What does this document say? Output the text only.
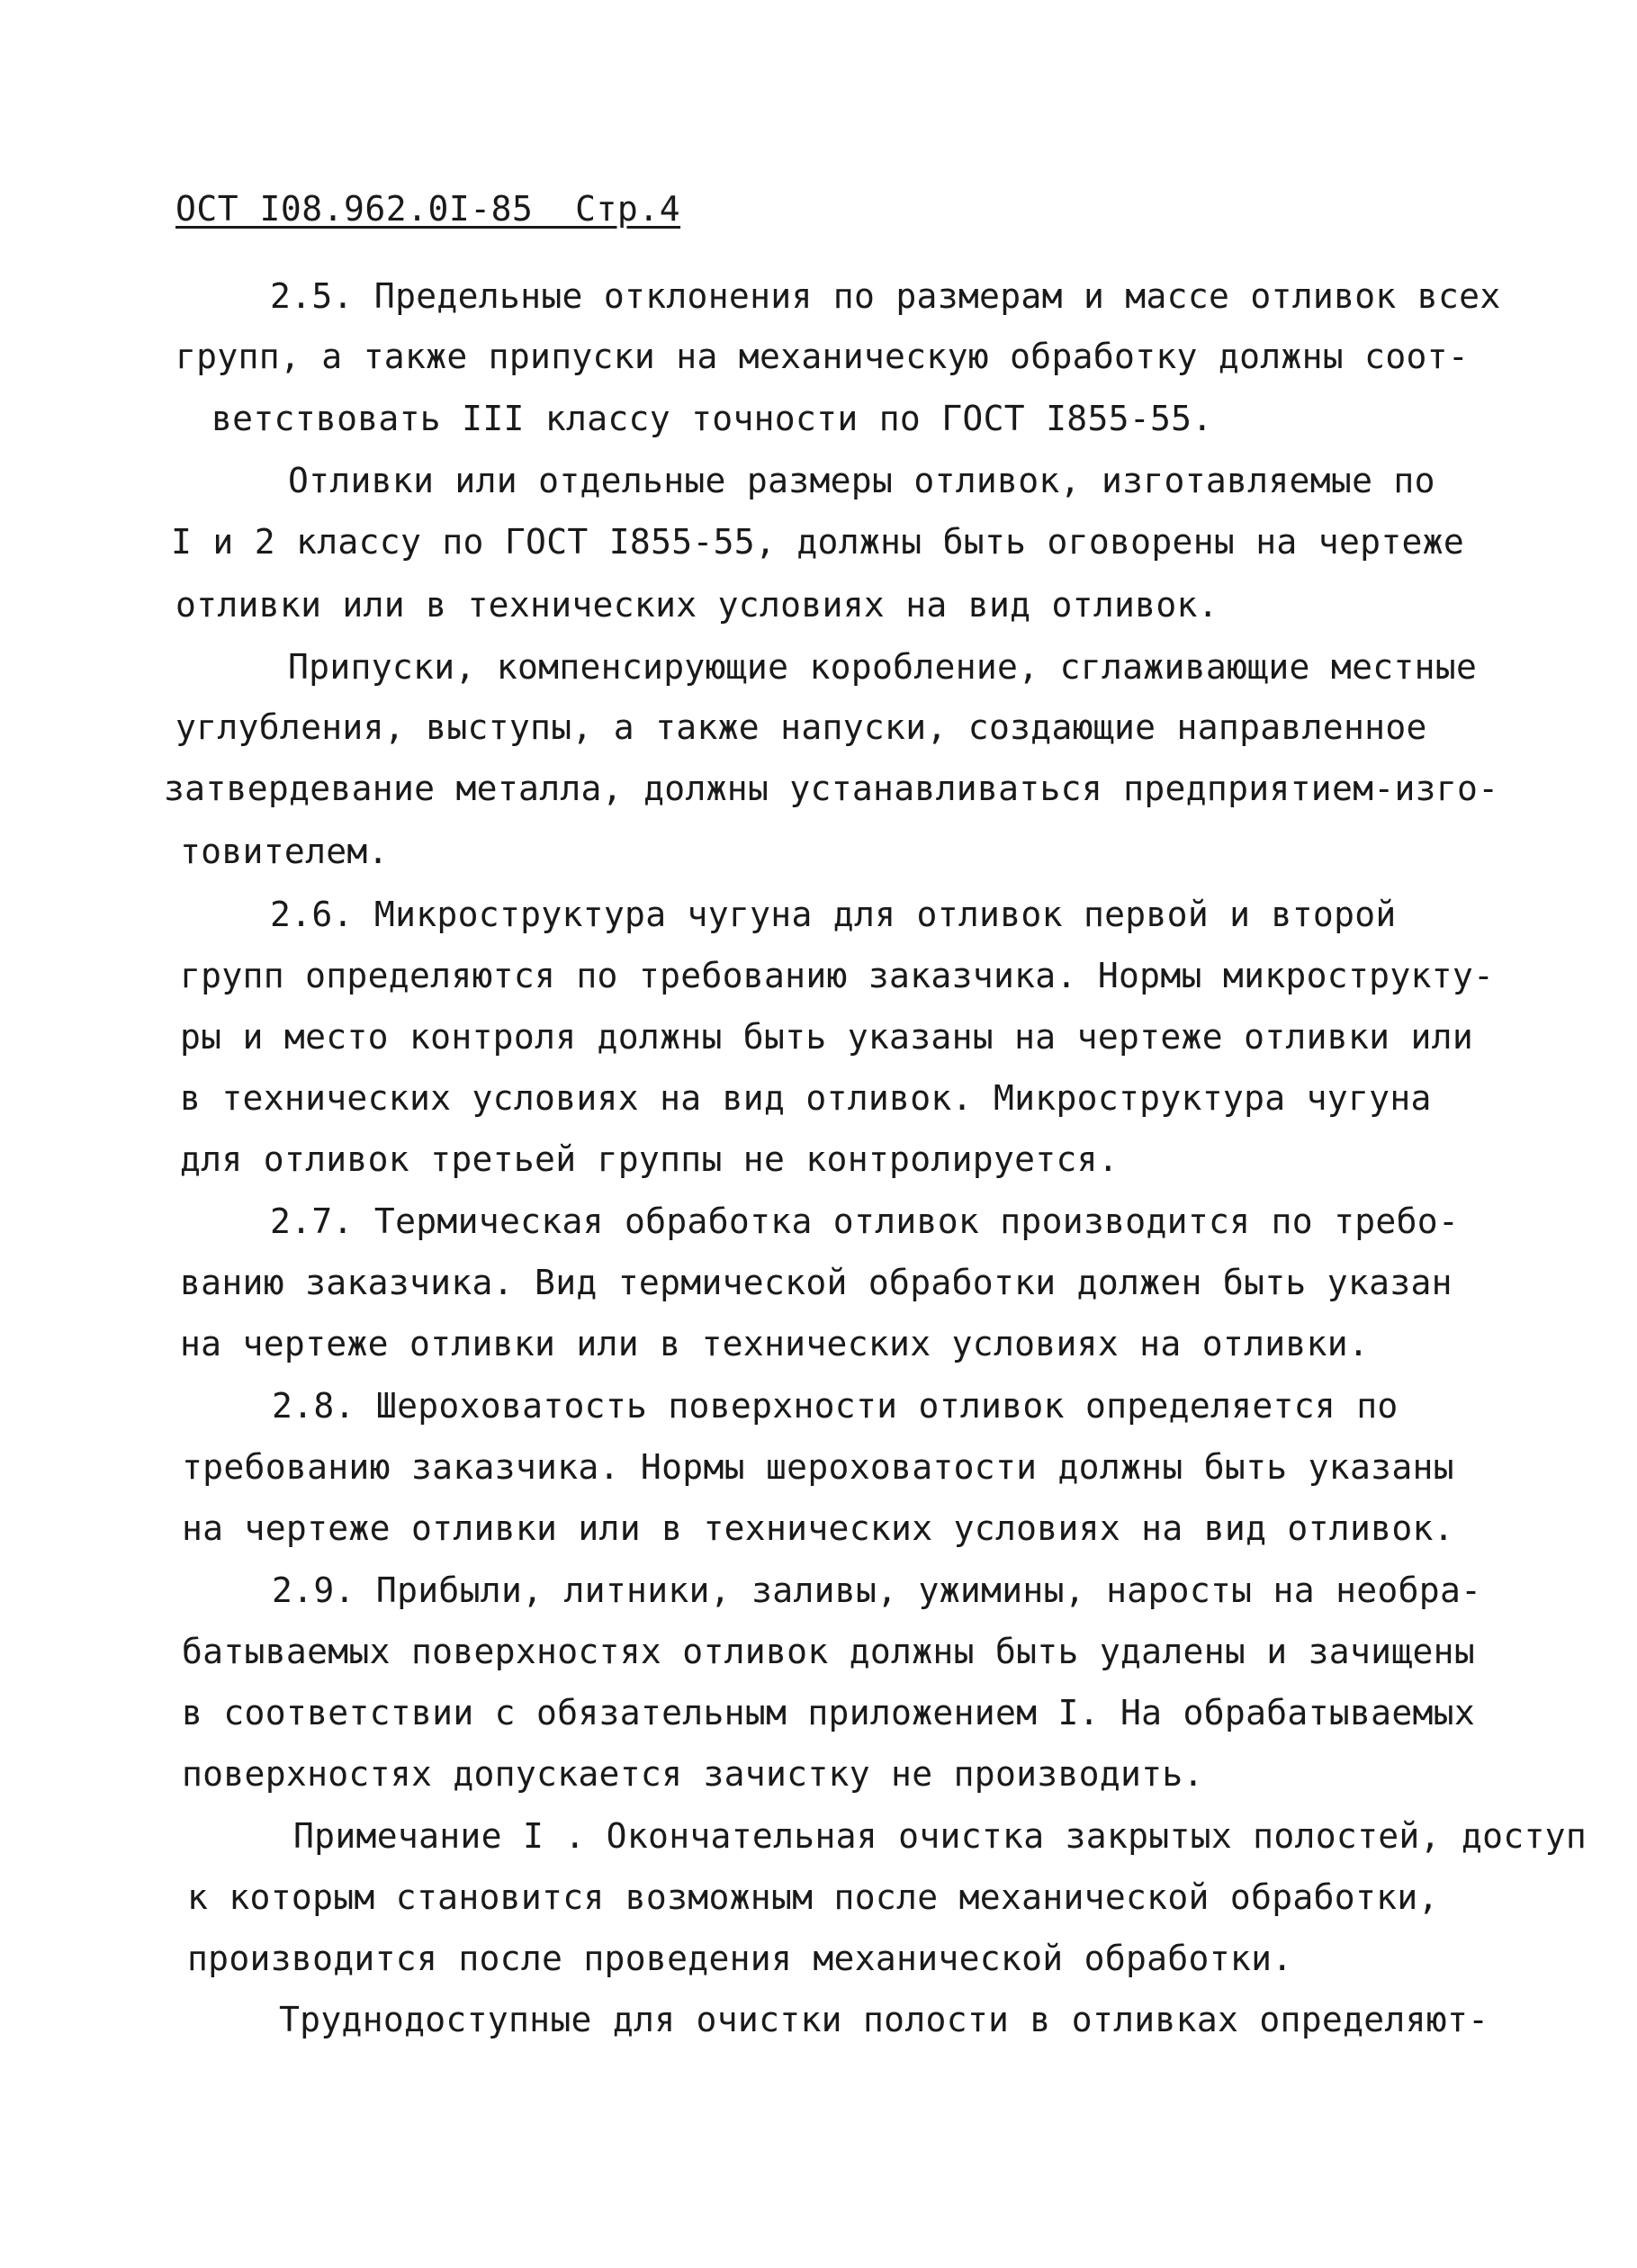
ОСТ I08.962.0I-85  Стр.4
2.5. Предельные отклонения по размерам и массе отливок всех
групп, а также припуски на механическую обработку должны соот-
ветствовать III классу точности по ГОСТ I855-55.
Отливки или отдельные размеры отливок, изготавляемые по
I и 2 классу по ГОСТ I855-55, должны быть оговорены на чертеже
отливки или в технических условиях на вид отливок.
Припуски, компенсирующие коробление, сглаживающие местные
углубления, выступы, а также напуски, создающие направленное
затвердевание металла, должны устанавливаться предприятием-изго-
товителем.
2.6. Микроструктура чугуна для отливок первой и второй
групп определяются по требованию заказчика. Нормы микрострукту-
ры и место контроля должны быть указаны на чертеже отливки или
в технических условиях на вид отливок. Микроструктура чугуна
для отливок третьей группы не контролируется.
2.7. Термическая обработка отливок производится по требо-
ванию заказчика. Вид термической обработки должен быть указан
на чертеже отливки или в технических условиях на отливки.
2.8. Шероховатость поверхности отливок определяется по
требованию заказчика. Нормы шероховатости должны быть указаны
на чертеже отливки или в технических условиях на вид отливок.
2.9. Прибыли, литники, заливы, ужимины, наросты на необра-
батываемых поверхностях отливок должны быть удалены и зачищены
в соответствии с обязательным приложением I. На обрабатываемых
поверхностях допускается зачистку не производить.
Примечание I . Окончательная очистка закрытых полостей, доступ
к которым становится возможным после механической обработки,
производится после проведения механической обработки.
Труднодоступные для очистки полости в отливках определяют-
